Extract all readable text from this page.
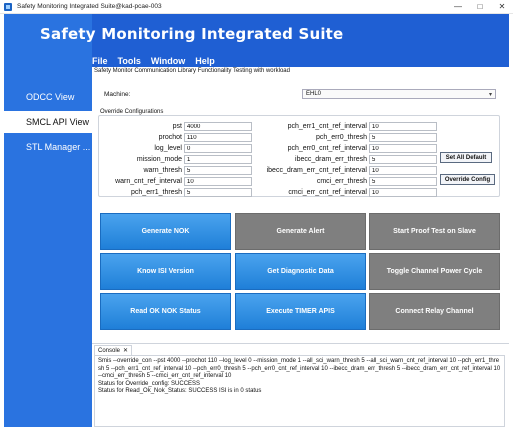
Safety Monitoring Integrated Suite@kad-pcae-003	—	□	✕
ODCC View
SMCL API View
STL Manager ...
Safety Monitoring Integrated Suite
File Tools Window Help
Safety Monitor Communication Library Functionality Testing with workload
Machine:	EHL0	▾
Override Configurations
pst
4000
prochot
110
log_level
0
mission_mode
1
warn_thresh
5
warn_cnt_ref_interval
10
pch_err1_thresh
5
pch_err1_cnt_ref_interval
10
pch_err0_thresh
5
pch_err0_cnt_ref_interval
10
ibecc_dram_err_thresh
5
ibecc_dram_err_cnt_ref_interval
10
cmci_err_thresh
5
cmci_err_cnt_ref_interval
10
Set All Default
Override Config
Generate NOK	Generate Alert	Start Proof Test on Slave
Know ISI Version	Get Diagnostic Data	Toggle Channel Power Cycle
Read OK NOK Status	Execute TIMER APIS	Connect Relay Channel
Console ✕
Smis --override_con --pst 4000 --prochot 110 --log_level 0 --mission_mode 1 --all_sci_warn_thresh 5 --all_sci_warn_cnt_ref_interval 10 --pch_err1_thresh 5 --pch_err1_cnt_ref_interval 10 --pch_err0_thresh 5 --pch_err0_cnt_ref_interval 10 --ibecc_dram_err_thresh 5 --ibecc_dram_err_cnt_ref_interval 10 --cmci_err_thresh 5 --cmci_err_cnt_ref_interval 10
Status for Override_config: SUCCESS
Status for Read_Ok_Nok_Status: SUCCESS ISI is in 0 status
